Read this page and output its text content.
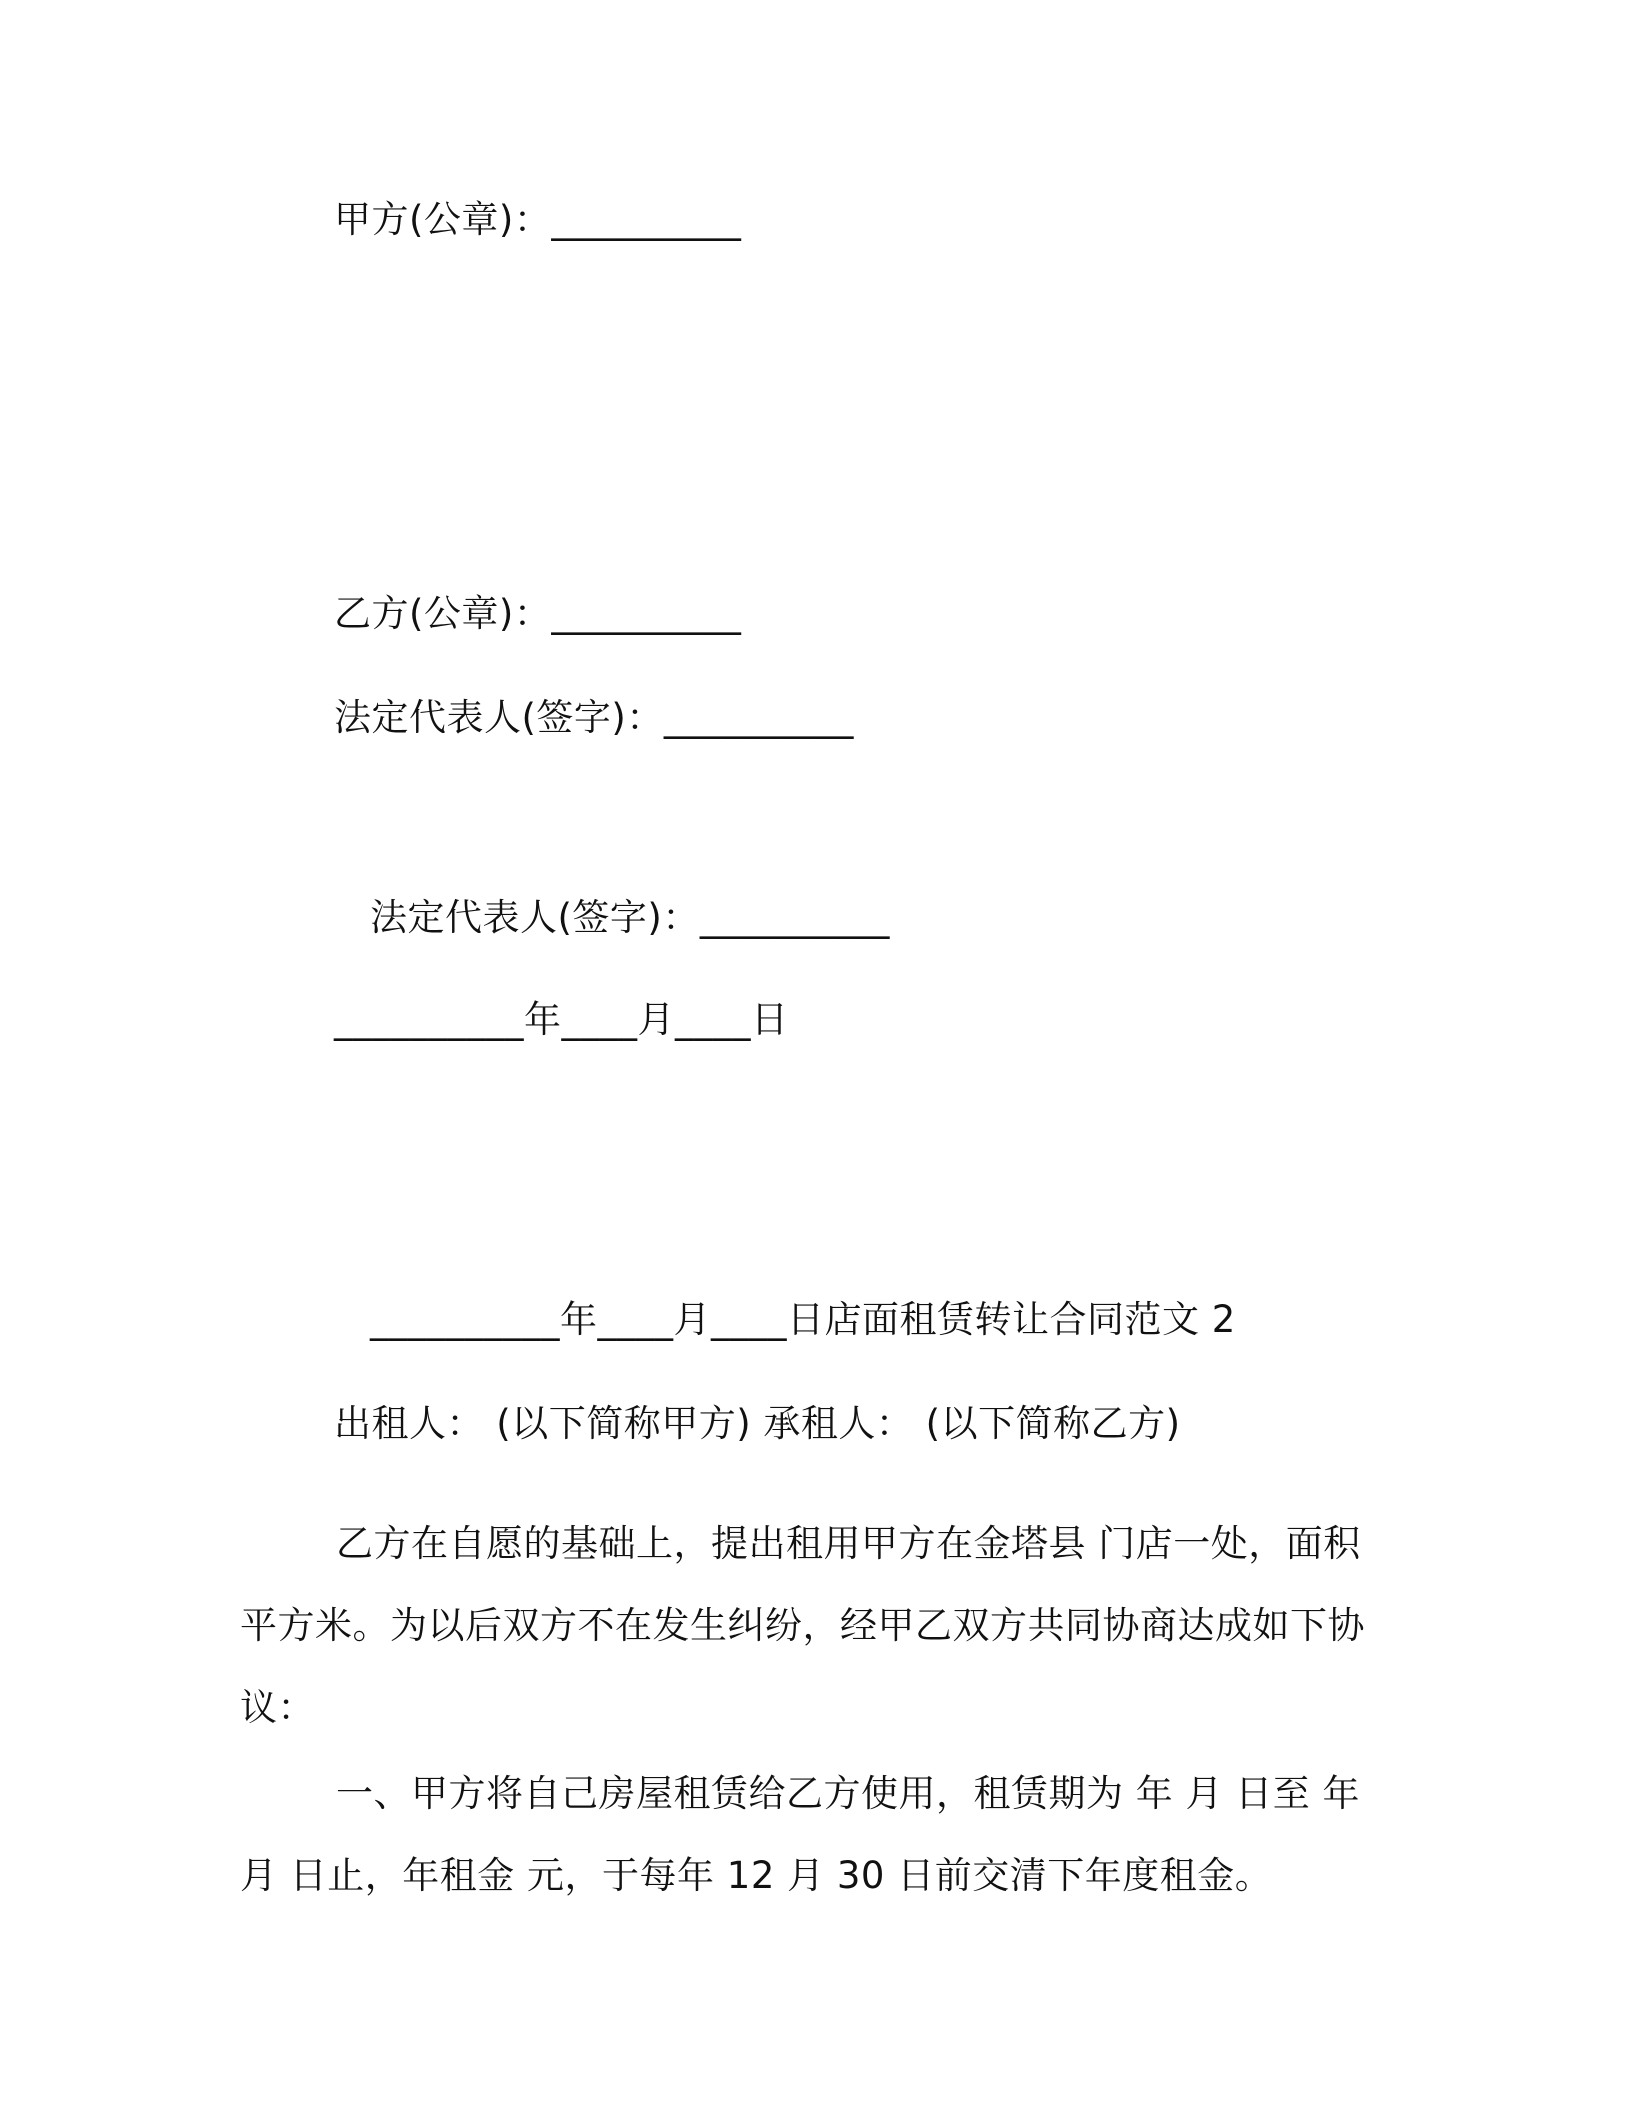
甲方(公章)：__________
乙方(公章)：__________
法定代表人(签字)：__________
法定代表人(签字)：__________
__________年____月____日
__________年____月____日店面租赁转让合同范文 2
出租人： (以下简称甲方) 承租人： (以下简称乙方)
乙方在自愿的基础上，提出租用甲方在金塔县 门店一处，面积 平方米。为以后双方不在发生纠纷，经甲乙双方共同协商达成如下协议：
一、甲方将自己房屋租赁给乙方使用，租赁期为 年 月 日至 年 月 日止，年租金 元，于每年 12 月 30 日前交清下年度租金。
